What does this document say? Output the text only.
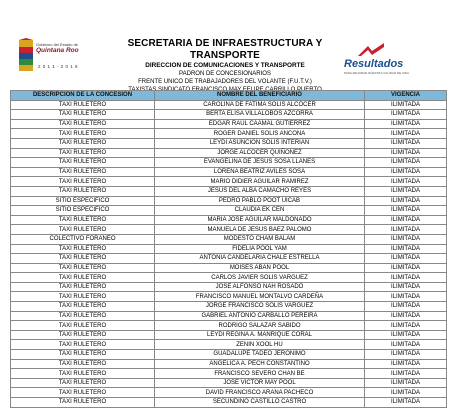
Gobierno del Estado de
Quintana Roo
2 0 1 1 - 2 0 1 6
SECRETARIA DE INFRAESTRUCTURA Y TRANSPORTE
DIRECCION DE COMUNICACIONES Y TRANSPORTE
PADRON DE CONCESIONARIOS
FRENTE UNICO DE TRABAJADORES DEL VOLANTE (F.U.T.V.)
Resultados
PARA MEJORAR NUESTRA CALIDAD DE VIDA
DESCRIPCION DE LA CONCESION	NOMBRE DEL BENEFICIARIO	VIGENCIA
TAXI RULETERO	CAROLINA DE FATIMA SOLIS ALCOCER	ILIMITADA
TAXI RULETERO	BERTA ELISA VILLALOBOS AZCORRA	ILIMITADA
TAXI RULETERO	EDGAR RAUL CAAMAL GUTIERREZ	ILIMITADA
TAXI RULETERO	ROGER DANIEL SOLIS ANCONA	ILIMITADA
TAXI RULETERO	LEYDI ASUNCION SOLIS INTERIAN	ILIMITADA
TAXI RULETERO	JORGE ALCOCER QUIÑONEZ	ILIMITADA
TAXI RULETERO	EVANGELINA DE JESUS SOSA LLANES	ILIMITADA
TAXI RULETERO	LORENA BEATRIZ AVILES SOSA	ILIMITADA
TAXI RULETERO	MARIO DIDIER AGUILAR RAMIREZ	ILIMITADA
TAXI RULETERO	JESUS DEL ALBA CAMACHO REYES	ILIMITADA
SITIO ESPECIFICO	PEDRO PABLO POOT UICAB	ILIMITADA
SITIO ESPECIFICO	CLAUDIA EK CEN	ILIMITADA
TAXI RULETERO	MARIA JOSE AGUILAR MALDONADO	ILIMITADA
TAXI RULETERO	MANUELA DE JESUS BAEZ PALOMO	ILIMITADA
COLECTIVO FORANEO	MODESTO CHAM BALAM	ILIMITADA
TAXI RULETERO	FIDELIA POOL YAM	ILIMITADA
TAXI RULETERO	ANTONIA CANDELARIA CHALE ESTRELLA	ILIMITADA
TAXI RULETERO	MOISES ABAN POOL	ILIMITADA
TAXI RULETERO	CARLOS JAVIER SOLIS VARGUEZ	ILIMITADA
TAXI RULETERO	JOSE ALFONSO NAH ROSADO	ILIMITADA
TAXI RULETERO	FRANCISCO MANUEL MONTALVO CARDEÑA	ILIMITADA
TAXI RULETERO	JORGE FRANCISCO SOLIS VARGUEZ	ILIMITADA
TAXI RULETERO	GABRIEL ANTONIO CARBALLO PEREIRA	ILIMITADA
TAXI RULETERO	RODRIGO SALAZAR SABIDO	ILIMITADA
TAXI RULETERO	LEYDI REGINA A. MANRIQUE CORAL	ILIMITADA
TAXI RULETERO	ZENIN XOOL HU	ILIMITADA
TAXI RULETERO	GUADALUPE TADEO JERONIMO	ILIMITADA
TAXI RULETERO	ANGELICA A. PECH CONSTANTINO	ILIMITADA
TAXI RULETERO	FRANCISCO SEVERO CHAN BE	ILIMITADA
TAXI RULETERO	JOSE VICTOR MAY POOL	ILIMITADA
TAXI RULETERO	DAVID FRANCISCO ARANA PACHECO	ILIMITADA
TAXI RULETERO	SECUNDINO CASTILLO CASTRO	ILIMITADA
